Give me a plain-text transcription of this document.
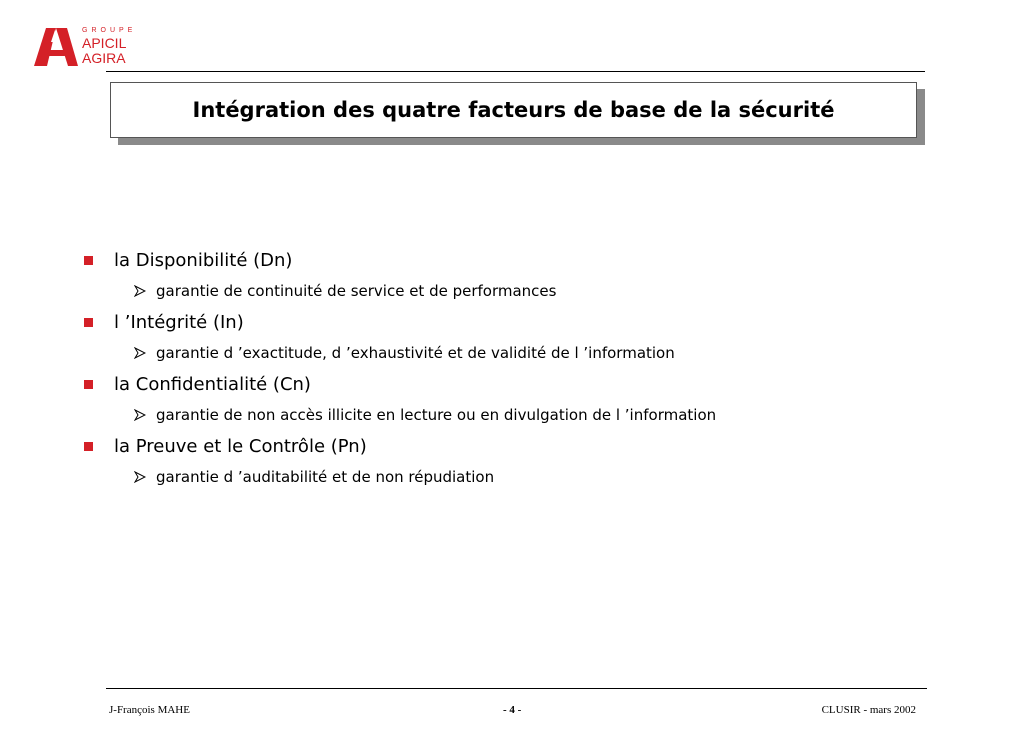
GROUPE
APICIL
AGIRA
Intégration des quatre facteurs de base de la sécurité
la Disponibilité (Dn)
garantie de continuité de service et de performances
l ’Intégrité (In)
garantie d ’exactitude, d ’exhaustivité et de validité de l ’information
la Confidentialité (Cn)
garantie de non accès illicite en lecture ou en divulgation de l ’information
la Preuve et le Contrôle (Pn)
garantie d ’auditabilité et de non répudiation
J-François MAHE	- 4 -	CLUSIR - mars 2002
